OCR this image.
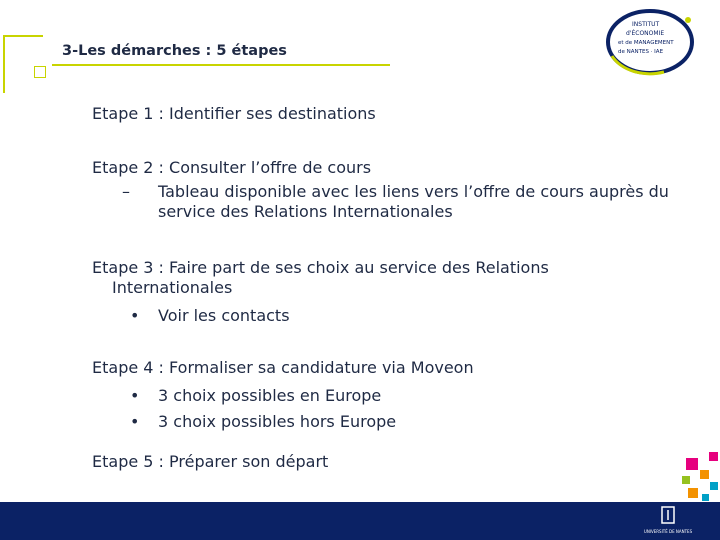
3-Les démarches : 5 étapes
INSTITUT
d'ÉCONOMIE
et de MANAGEMENT
de NANTES · IAE
Etape 1 : Identifier ses destinations
Etape 2 : Consulter l’offre de cours
–	Tableau disponible avec les liens vers l’offre de cours auprès du service des Relations Internationales
Etape 3 : Faire part de ses choix au service des Relations
Internationales
•	Voir les contacts
Etape 4 : Formaliser sa candidature via Moveon
•	3 choix possibles en Europe
•	3 choix possibles hors Europe
Etape 5 : Préparer son départ
UNIVERSITÉ DE NANTES
